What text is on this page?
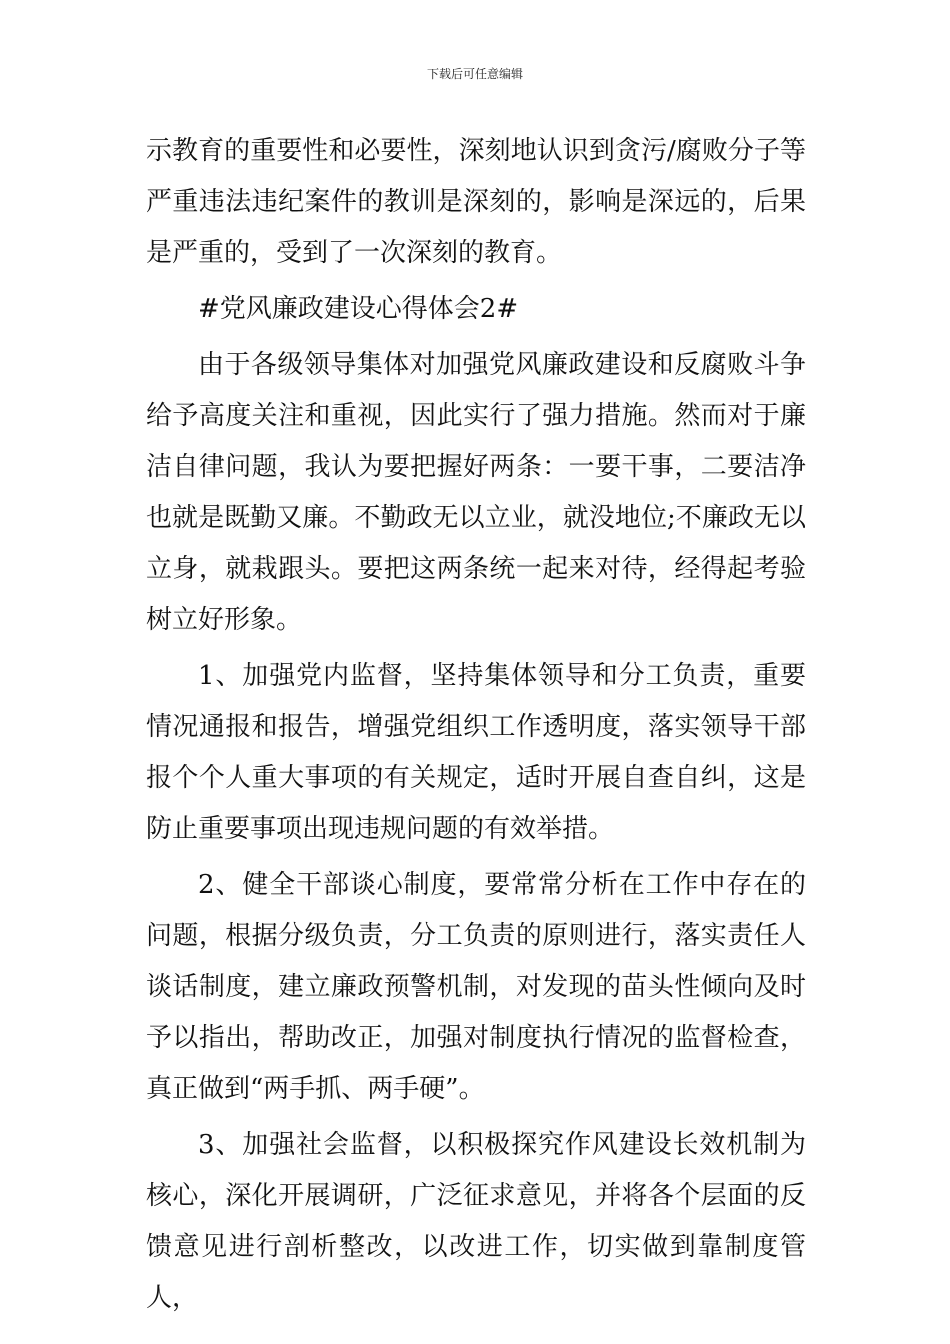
下载后可任意编辑

示教育的重要性和必要性，深刻地认识到贪污/腐败分子等严重违法违纪案件的教训是深刻的，影响是深远的，后果是严重的，受到了一次深刻的教育。

#党风廉政建设心得体会2#

由于各级领导集体对加强党风廉政建设和反腐败斗争给予高度关注和重视，因此实行了强力措施。然而对于廉洁自律问题，我认为要把握好两条：一要干事，二要洁净也就是既勤又廉。不勤政无以立业，就没地位;不廉政无以立身，就栽跟头。要把这两条统一起来对待，经得起考验树立好形象。

1、加强党内监督，坚持集体领导和分工负责，重要情况通报和报告，增强党组织工作透明度，落实领导干部报个个人重大事项的有关规定，适时开展自查自纠，这是防止重要事项出现违规问题的有效举措。

2、健全干部谈心制度，要常常分析在工作中存在的问题，根据分级负责，分工负责的原则进行，落实责任人谈话制度，建立廉政预警机制，对发现的苗头性倾向及时予以指出，帮助改正，加强对制度执行情况的监督检查，真正做到“两手抓、两手硬”。

3、加强社会监督，以积极探究作风建设长效机制为核心，深化开展调研，广泛征求意见，并将各个层面的反馈意见进行剖析整改，以改进工作，切实做到靠制度管人，
